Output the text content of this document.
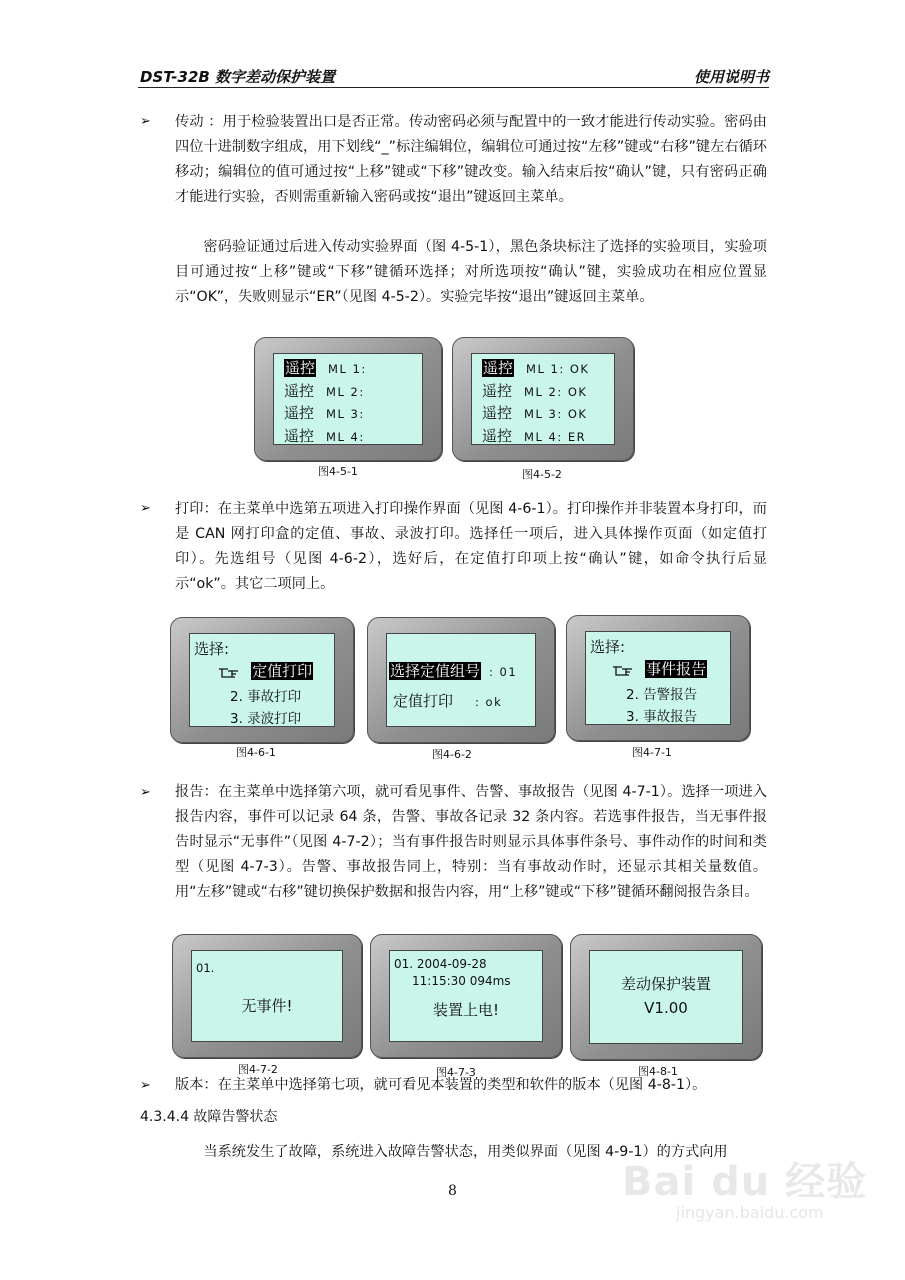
DST-32B 数字差动保护装置	使用说明书
➢ 传动 ：用于检验装置出口是否正常。传动密码必须与配置中的一致才能进行传动实验。密码由四位十进制数字组成，用下划线“_”标注编辑位，编辑位可通过按“左移”键或“右移”键左右循环移动；编辑位的值可通过按“上移”键或“下移”键改变。输入结束后按“确认”键，只有密码正确才能进行实验，否则需重新输入密码或按“退出”键返回主菜单。
密码验证通过后进入传动实验界面（图 4-5-1），黑色条块标注了选择的实验项目，实验项目可通过按“上移”键或“下移”键循环选择；对所选项按“确认”键，实验成功在相应位置显示“OK”，失败则显示“ER”（见图 4-5-2）。实验完毕按“退出”键返回主菜单。
遥控 ML 1:
遥控 ML 2:
遥控 ML 3:
遥控 ML 4:
图4-5-1
遥控 ML 1: OK
遥控 ML 2: OK
遥控 ML 3: OK
遥控 ML 4: ER
图4-5-2
➢ 打印：在主菜单中选第五项进入打印操作界面（见图 4-6-1）。打印操作并非装置本身打印，而是 CAN 网打印盒的定值、事故、录波打印。选择任一项后，进入具体操作页面（如定值打印）。先选组号（见图 4-6-2），选好后，在定值打印项上按“确认”键，如命令执行后显示“ok”。其它二项同上。
选择:
定值打印
2. 事故打印
3. 录波打印
图4-6-1
选择定值组号 : 01
定值打印 : ok
图4-6-2
选择:
事件报告
2. 告警报告
3. 事故报告
图4-7-1
➢ 报告：在主菜单中选择第六项，就可看见事件、告警、事故报告（见图 4-7-1）。选择一项进入报告内容，事件可以记录 64 条，告警、事故各记录 32 条内容。若选事件报告，当无事件报告时显示“无事件”（见图 4-7-2）；当有事件报告时则显示具体事件条号、事件动作的时间和类型（见图 4-7-3）。告警、事故报告同上，特别：当有事故动作时，还显示其相关量数值。用“左移”键或“右移”键切换保护数据和报告内容，用“上移”键或“下移”键循环翻阅报告条目。
01.
无事件!
图4-7-2
01. 2004-09-28
11:15:30 094ms
装置上电!
图4-7-3
差动保护装置
V1.00
图4-8-1
➢ 版本：在主菜单中选择第七项，就可看见本装置的类型和软件的版本（见图 4-8-1）。
4.3.4.4 故障告警状态
当系统发生了故障，系统进入故障告警状态，用类似界面（见图 4-9-1）的方式向用
8	Bai du 经验
jingyan.baidu.com
